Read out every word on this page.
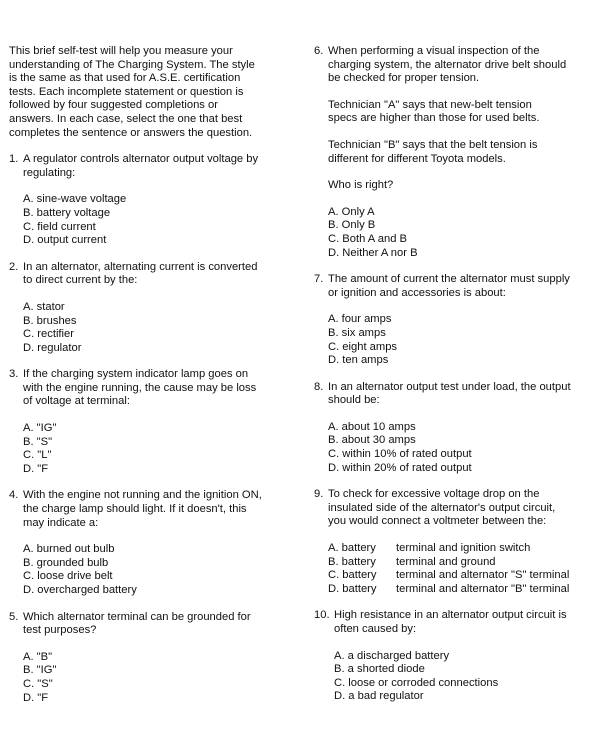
This brief self-test will help you measure your
understanding of The Charging System. The style
is the same as that used for A.S.E. certification
tests. Each incomplete statement or question is
followed by four suggested completions or
answers. In each case, select the one that best
completes the sentence or answers the question.
1. A regulator controls alternator output voltage by
regulating:
A. sine-wave voltage
B. battery voltage
C. field current
D. output current
2. In an alternator, alternating current is converted
to direct current by the:
A. stator
B. brushes
C. rectifier
D. regulator
3. If the charging system indicator lamp goes on
with the engine running, the cause may be loss
of voltage at terminal:
A. "IG"
B. "S"
C. "L"
D. "F
4. With the engine not running and the ignition ON,
the charge lamp should light. If it doesn't, this
may indicate a:
A. burned out bulb
B. grounded bulb
C. loose drive belt
D. overcharged battery
5. Which alternator terminal can be grounded for
test purposes?
A. "B"
B. "IG"
C. "S"
D. "F
6. When performing a visual inspection of the
charging system, the alternator drive belt should
be checked for proper tension.
Technician "A" says that new-belt tension
specs are higher than those for used belts.
Technician "B" says that the belt tension is
different for different Toyota models.
Who is right?
A. Only A
B. Only B
C. Both A and B
D. Neither A nor B
7. The amount of current the alternator must supply
or ignition and accessories is about:
A. four amps
B. six amps
C. eight amps
D. ten amps
8. In an alternator output test under load, the output
should be:
A. about 10 amps
B. about 30 amps
C. within 10% of rated output
D. within 20% of rated output
9. To check for excessive voltage drop on the
insulated side of the alternator's output circuit,
you would connect a voltmeter between the:
A. battery terminal and ignition switch
B. battery terminal and ground
C. battery terminal and alternator "S" terminal
D. battery terminal and alternator "B" terminal
10. High resistance in an alternator output circuit is
often caused by:
A. a discharged battery
B. a shorted diode
C. loose or corroded connections
D. a bad regulator
